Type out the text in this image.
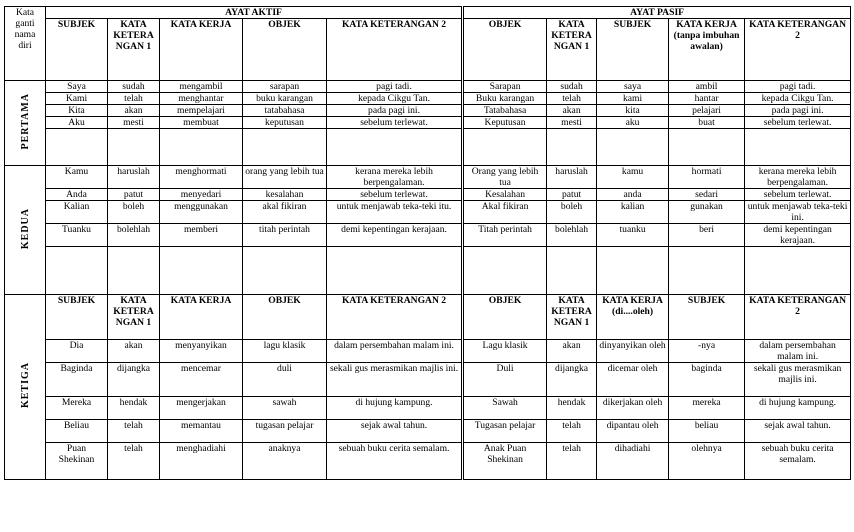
Kata ganti nama diri	AYAT AKTIF					AYAT PASIF				
	SUBJEK	KATA KETERANGAN 1	KATA KERJA	OBJEK	KATA KETERANGAN 2	OBJEK	KATA KETERANGAN 1	SUBJEK	KATA KERJA (tanpa imbuhan awalan)	KATA KETERANGAN 2
PERTAMA	Saya	sudah	mengambil	sarapan	pagi tadi.	Sarapan	sudah	saya	ambil	pagi tadi.
	Kami	telah	menghantar	buku karangan	kepada Cikgu Tan.	Buku karangan	telah	kami	hantar	kepada Cikgu Tan.
	Kita	akan	mempelajari	tatabahasa	pada pagi ini.	Tatabahasa	akan	kita	pelajari	pada pagi ini.
	Aku	mesti	membuat	keputusan	sebelum terlewat.	Keputusan	mesti	aku	buat	sebelum terlewat.

KEDUA	Kamu	haruslah	menghormati	orang yang lebih tua	kerana mereka lebih berpengalaman.	Orang yang lebih tua	haruslah	kamu	hormati	kerana mereka lebih berpengalaman.
	Anda	patut	menyedari	kesalahan	sebelum terlewat.	Kesalahan	patut	anda	sedari	sebelum terlewat.
	Kalian	boleh	menggunakan	akal fikiran	untuk menjawab teka-teki itu.	Akal fikiran	boleh	kalian	gunakan	untuk menjawab teka-teki ini.
	Tuanku	bolehlah	memberi	titah perintah	demi kepentingan kerajaan.	Titah perintah	bolehlah	tuanku	beri	demi kepentingan kerajaan.

KETIGA	SUBJEK	KATA KETERANGAN 1	KATA KERJA	OBJEK	KATA KETERANGAN 2	OBJEK	KATA KETERANGAN 1	KATA KERJA (di....oleh)	SUBJEK	KATA KETERANGAN 2
	Dia	akan	menyanyikan	lagu klasik	dalam persembahan malam ini.	Lagu klasik	akan	dinyanyikan oleh	-nya	dalam persembahan malam ini.
	Baginda	dijangka	mencemar	duli	sekali gus merasmikan majlis ini.	Duli	dijangka	dicemar oleh	baginda	sekali gus merasmikan majlis ini.
	Mereka	hendak	mengerjakan	sawah	di hujung kampung.	Sawah	hendak	dikerjakan oleh	mereka	di hujung kampung.
	Beliau	telah	memantau	tugasan pelajar	sejak awal tahun.	Tugasan pelajar	telah	dipantau oleh	beliau	sejak awal tahun.
	Puan Shekinan	telah	menghadiahi	anaknya	sebuah buku cerita semalam.	Anak Puan Shekinan	telah	dihadiahi	olehnya	sebuah buku cerita semalam.
